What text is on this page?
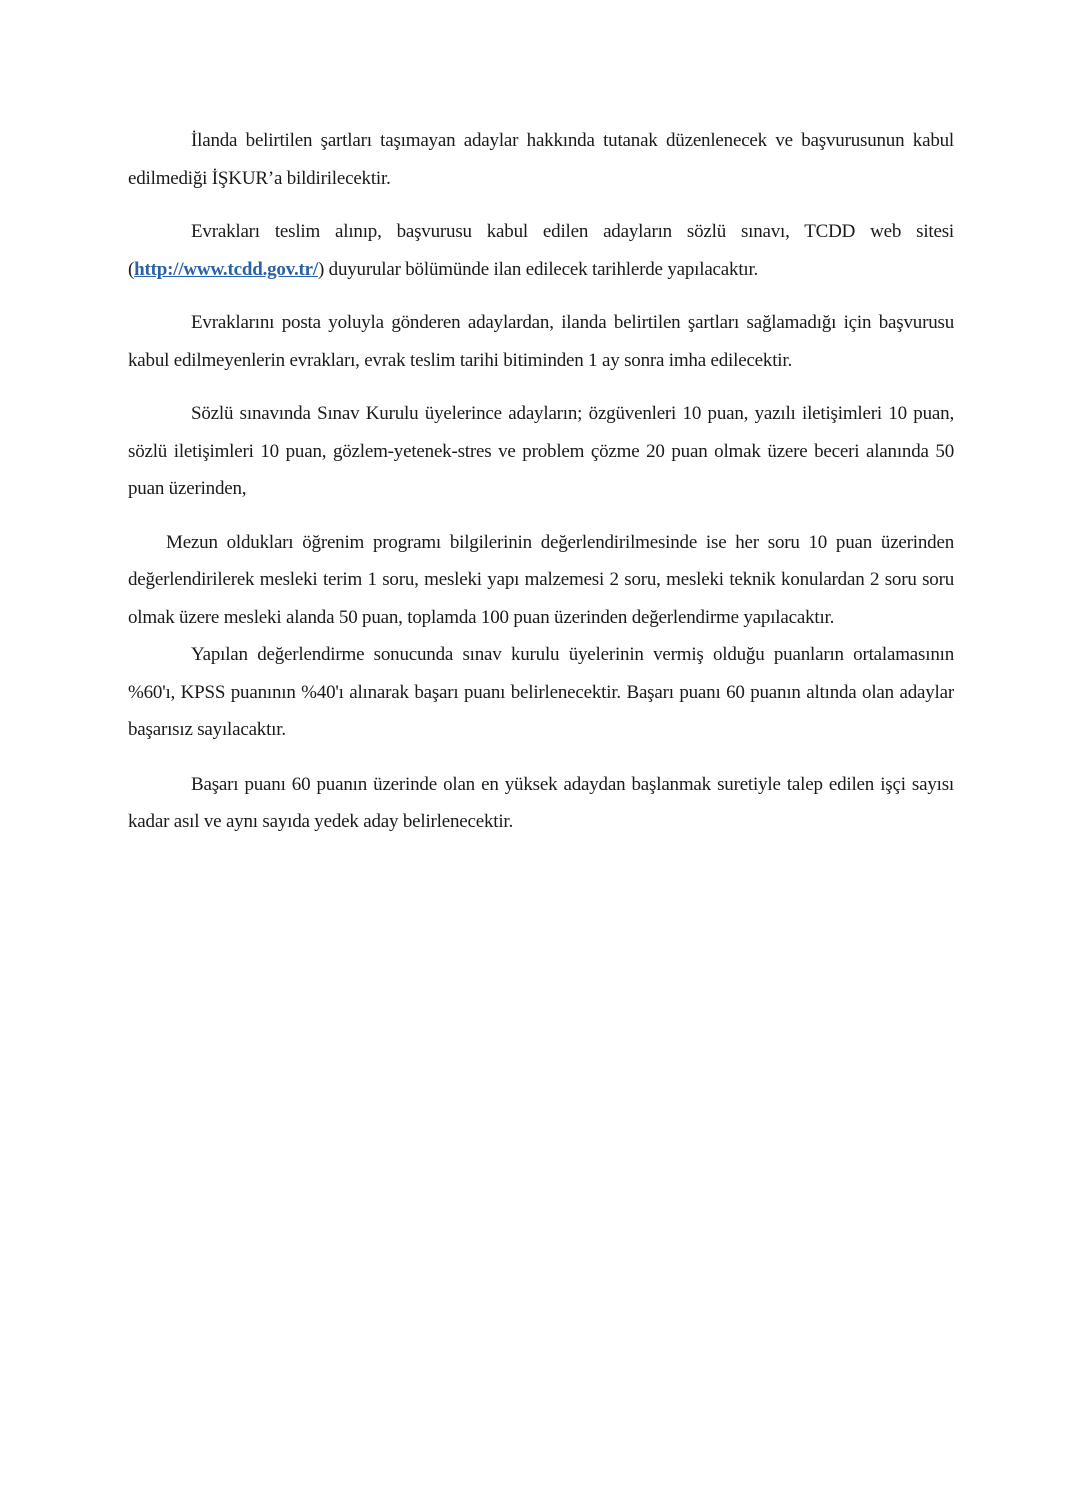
İlanda belirtilen şartları taşımayan adaylar hakkında tutanak düzenlenecek ve başvurusunun kabul edilmediği İŞKUR’a bildirilecektir.

Evrakları teslim alınıp, başvurusu kabul edilen adayların sözlü sınavı, TCDD web sitesi (http://www.tcdd.gov.tr/) duyurular bölümünde ilan edilecek tarihlerde yapılacaktır.

Evraklarını posta yoluyla gönderen adaylardan, ilanda belirtilen şartları sağlamadığı için başvurusu kabul edilmeyenlerin evrakları, evrak teslim tarihi bitiminden 1 ay sonra imha edilecektir.

Sözlü sınavında Sınav Kurulu üyelerince adayların; özgüvenleri 10 puan, yazılı iletişimleri 10 puan, sözlü iletişimleri 10 puan, gözlem-yetenek-stres ve problem çözme 20 puan olmak üzere beceri alanında 50 puan üzerinden,

Mezun oldukları öğrenim programı bilgilerinin değerlendirilmesinde ise her soru 10 puan üzerinden değerlendirilerek mesleki terim 1 soru, mesleki yapı malzemesi 2 soru, mesleki teknik konulardan 2 soru soru olmak üzere mesleki alanda 50 puan, toplamda 100 puan üzerinden değerlendirme yapılacaktır.

Yapılan değerlendirme sonucunda sınav kurulu üyelerinin vermiş olduğu puanların ortalamasının %60'ı, KPSS puanının %40'ı alınarak başarı puanı belirlenecektir. Başarı puanı 60 puanın altında olan adaylar başarısız sayılacaktır.

Başarı puanı 60 puanın üzerinde olan en yüksek adaydan başlanmak suretiyle talep edilen işçi sayısı kadar asıl ve aynı sayıda yedek aday belirlenecektir.
